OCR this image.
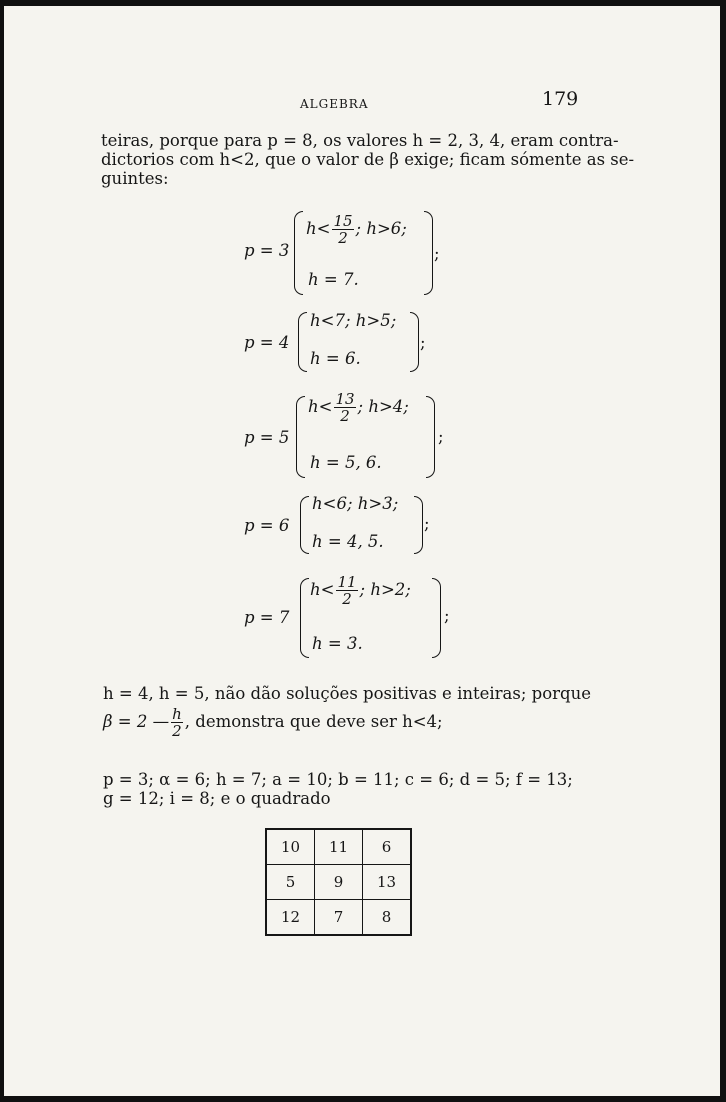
ALGEBRA	179
teiras, porque para p = 8, os valores h = 2, 3, 4, eram contra-
dictorios com h<2, que o valor de β exige; ficam sómente as se-
guintes:
p = 3
$h< \frac{15}{2}$ ; h>6;
h = 7.
;
p = 4
h<7; h>5;
h = 6.
;
p = 5
$h< \frac{13}{2}$ ; h>4;
h = 5, 6.
;
p = 6
h<6; h>3;
h = 4, 5.
;
p = 7
$h< \frac{11}{2}$ ; h>2;
h = 3.
;
h = 4, h = 5, não dão soluções positivas e inteiras; porque
β = 2 — $\frac{h}{2}$ , demonstra que deve ser h<4;
p = 3; α = 6; h = 7; a = 10; b = 11; c = 6; d = 5; f = 13;
g = 12; i = 8; e o quadrado
10	11	6
5	9	13
12	7	8
